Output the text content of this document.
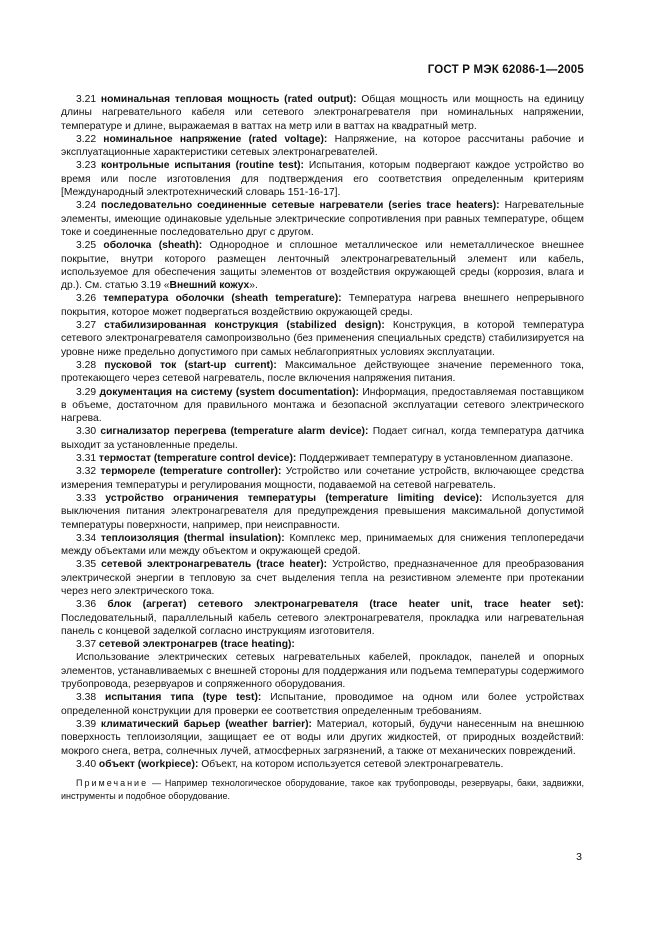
ГОСТ Р МЭК 62086-1—2005

3.21 номинальная тепловая мощность (rated output): Общая мощность или мощность на единицу длины нагревательного кабеля или сетевого электронагревателя при номинальных напряжении, температуре и длине, выражаемая в ваттах на метр или в ваттах на квадратный метр.

3.22 номинальное напряжение (rated voltage): Напряжение, на которое рассчитаны рабочие и эксплуатационные характеристики сетевых электронагревателей.

3.23 контрольные испытания (routine test): Испытания, которым подвергают каждое устройство во время или после изготовления для подтверждения его соответствия определенным критериям [Международный электротехнический словарь 151-16-17].

3.24 последовательно соединенные сетевые нагреватели (series trace heaters): Нагревательные элементы, имеющие одинаковые удельные электрические сопротивления при равных температуре, общем токе и соединенные последовательно друг с другом.

3.25 оболочка (sheath): Однородное и сплошное металлическое или неметаллическое внешнее покрытие, внутри которого размещен ленточный электронагревательный элемент или кабель, используемое для обеспечения защиты элементов от воздействия окружающей среды (коррозия, влага и др.). См. статью 3.19 «Внешний кожух».

3.26 температура оболочки (sheath temperature): Температура нагрева внешнего непрерывного покрытия, которое может подвергаться воздействию окружающей среды.

3.27 стабилизированная конструкция (stabilized design): Конструкция, в которой температура сетевого электронагревателя самопроизвольно (без применения специальных средств) стабилизируется на уровне ниже предельно допустимого при самых неблагоприятных условиях эксплуатации.

3.28 пусковой ток (start-up current): Максимальное действующее значение переменного тока, протекающего через сетевой нагреватель, после включения напряжения питания.

3.29 документация на систему (system documentation): Информация, предоставляемая поставщиком в объеме, достаточном для правильного монтажа и безопасной эксплуатации сетевого электрического нагрева.

3.30 сигнализатор перегрева (temperature alarm device): Подает сигнал, когда температура датчика выходит за установленные пределы.

3.31 термостат (temperature control device): Поддерживает температуру в установленном диапазоне.

3.32 термореле (temperature controller): Устройство или сочетание устройств, включающее средства измерения температуры и регулирования мощности, подаваемой на сетевой нагреватель.

3.33 устройство ограничения температуры (temperature limiting device): Используется для выключения питания электронагревателя для предупреждения превышения максимальной допустимой температуры поверхности, например, при неисправности.

3.34 теплоизоляция (thermal insulation): Комплекс мер, принимаемых для снижения теплопередачи между объектами или между объектом и окружающей средой.

3.35 сетевой электронагреватель (trace heater): Устройство, предназначенное для преобразования электрической энергии в тепловую за счет выделения тепла на резистивном элементе при протекании через него электрического тока.

3.36 блок (агрегат) сетевого электронагревателя (trace heater unit, trace heater set): Последовательный, параллельный кабель сетевого электронагревателя, прокладка или нагревательная панель с концевой заделкой согласно инструкциям изготовителя.

3.37 сетевой электронагрев (trace heating):

Использование электрических сетевых нагревательных кабелей, прокладок, панелей и опорных элементов, устанавливаемых с внешней стороны для поддержания или подъема температуры содержимого трубопровода, резервуаров и сопряженного оборудования.

3.38 испытания типа (type test): Испытание, проводимое на одном или более устройствах определенной конструкции для проверки ее соответствия определенным требованиям.

3.39 климатический барьер (weather barrier): Материал, который, будучи нанесенным на внешнюю поверхность теплоизоляции, защищает ее от воды или других жидкостей, от природных воздействий: мокрого снега, ветра, солнечных лучей, атмосферных загрязнений, а также от механических повреждений.

3.40 объект (workpiece): Объект, на котором используется сетевой электронагреватель.

Примечание — Например технологическое оборудование, такое как трубопроводы, резервуары, баки, задвижки, инструменты и подобное оборудование.

3
